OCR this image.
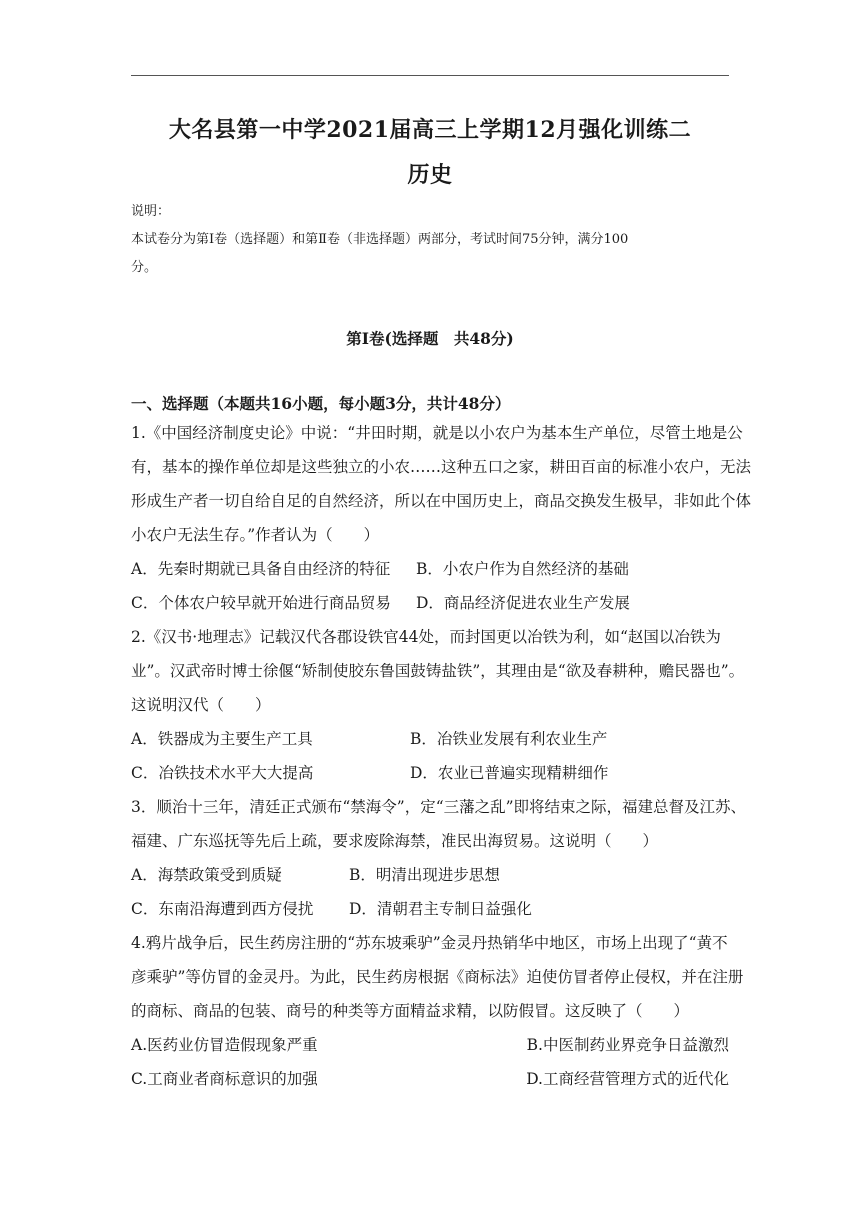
大名县第一中学2021届高三上学期12月强化训练二
历史
说明：
本试卷分为第Ⅰ卷（选择题）和第Ⅱ卷（非选择题）两部分，考试时间75分钟，满分100
分。
第Ⅰ卷(选择题　共48分)
一、选择题（本题共16小题，每小题3分，共计48分）
1.《中国经济制度史论》中说：“井田时期，就是以小农户为基本生产单位，尽管土地是公
有，基本的操作单位却是这些独立的小农……这种五口之家，耕田百亩的标准小农户，无法
形成生产者一切自给自足的自然经济，所以在中国历史上，商品交换发生极早，非如此个体
小农户无法生存。”作者认为（　　）
A．先秦时期就已具备自由经济的特征 B．小农户作为自然经济的基础
C．个体农户较早就开始进行商品贸易 D．商品经济促进农业生产发展
2.《汉书·地理志》记载汉代各郡设铁官44处，而封国更以冶铁为利，如“赵国以冶铁为
业”。汉武帝时博士徐偃“矫制使胶东鲁国鼓铸盐铁”，其理由是“欲及春耕种，赡民器也”。
这说明汉代（　　）
A．铁器成为主要生产工具	B．冶铁业发展有利农业生产
C．冶铁技术水平大大提高	D．农业已普遍实现精耕细作
3．顺治十三年，清廷正式颁布“禁海令”，定“三藩之乱”即将结束之际，福建总督及江苏、
福建、广东巡抚等先后上疏，要求废除海禁，准民出海贸易。这说明（　　）
A．海禁政策受到质疑	B．明清出现进步思想
C．东南沿海遭到西方侵扰 D．清朝君主专制日益强化
4.鸦片战争后，民生药房注册的“苏东坡乘驴”金灵丹热销华中地区，市场上出现了“黄不
彦乘驴”等仿冒的金灵丹。为此，民生药房根据《商标法》迫使仿冒者停止侵权，并在注册
的商标、商品的包装、商号的种类等方面精益求精，以防假冒。这反映了（　　）
A.医药业仿冒造假现象严重	B.中医制药业界竞争日益激烈
C.工商业者商标意识的加强	D.工商经营管理方式的近代化
